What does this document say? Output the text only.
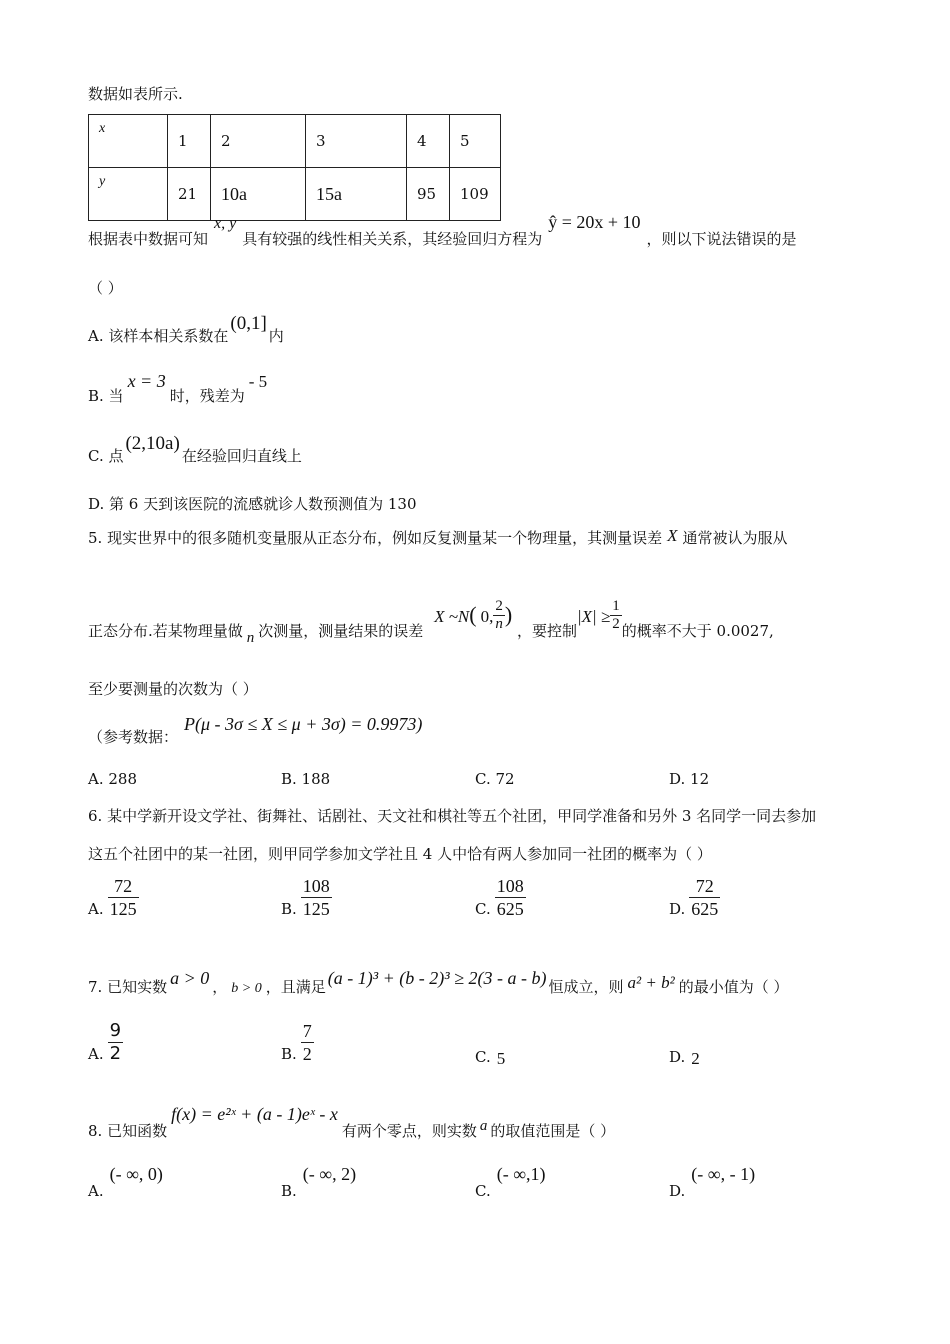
数据如表所示.
x	1	2	3	4	5
y	21	10a	15a	95	109
根据表中数据可知x, y具有较强的线性相关关系，其经验回归方程为ŷ = 20x + 10，则以下说法错误的是
（ ）
A. 该样本相关系数在(0,1]内
B. 当x = 3时，残差为- 5
C. 点(2,10a)在经验回归直线上
D. 第 6 天到该医院的流感就诊人数预测值为 130
5. 现实世界中的很多随机变量服从正态分布，例如反复测量某一个物理量，其测量误差 X 通常被认为服从
正态分布.若某物理量做 n 次测量，测量结果的误差 X ~N( 0, $\frac{2}{n}$ ) ，要控制$|X| \ge \frac{1}{2}$ 的概率不大于 0.0027,
至少要测量的次数为（ ）
（参考数据：P(μ - 3σ ≤ X ≤ μ + 3σ) = 0.9973)
A. 288	B. 188	C. 72	D. 12
6. 某中学新开设文学社、街舞社、话剧社、天文社和棋社等五个社团，甲同学准备和另外 3 名同学一同去参加
这五个社团中的某一社团，则甲同学参加文学社且 4 人中恰有两人参加同一社团的概率为（ ）
A. $\frac{72}{125}$	B. $\frac{108}{125}$	C. $\frac{108}{625}$	D. $\frac{72}{625}$
7. 已知实数 a > 0 ， b > 0 ，且满足 (a - 1)³ + (b - 2)³ ≥ 2(3 - a - b) 恒成立，则 a² + b² 的最小值为（ ）
A. $\frac{9}{2}$	B. $\frac{7}{2}$	C. 5	D. 2
8. 已知函数f(x) = e²ˣ + (a - 1)eˣ - x有两个零点，则实数 a 的取值范围是（ ）
A.(- ∞, 0)
B.(- ∞, 2)
C.(- ∞,1)
D.(- ∞, - 1)
